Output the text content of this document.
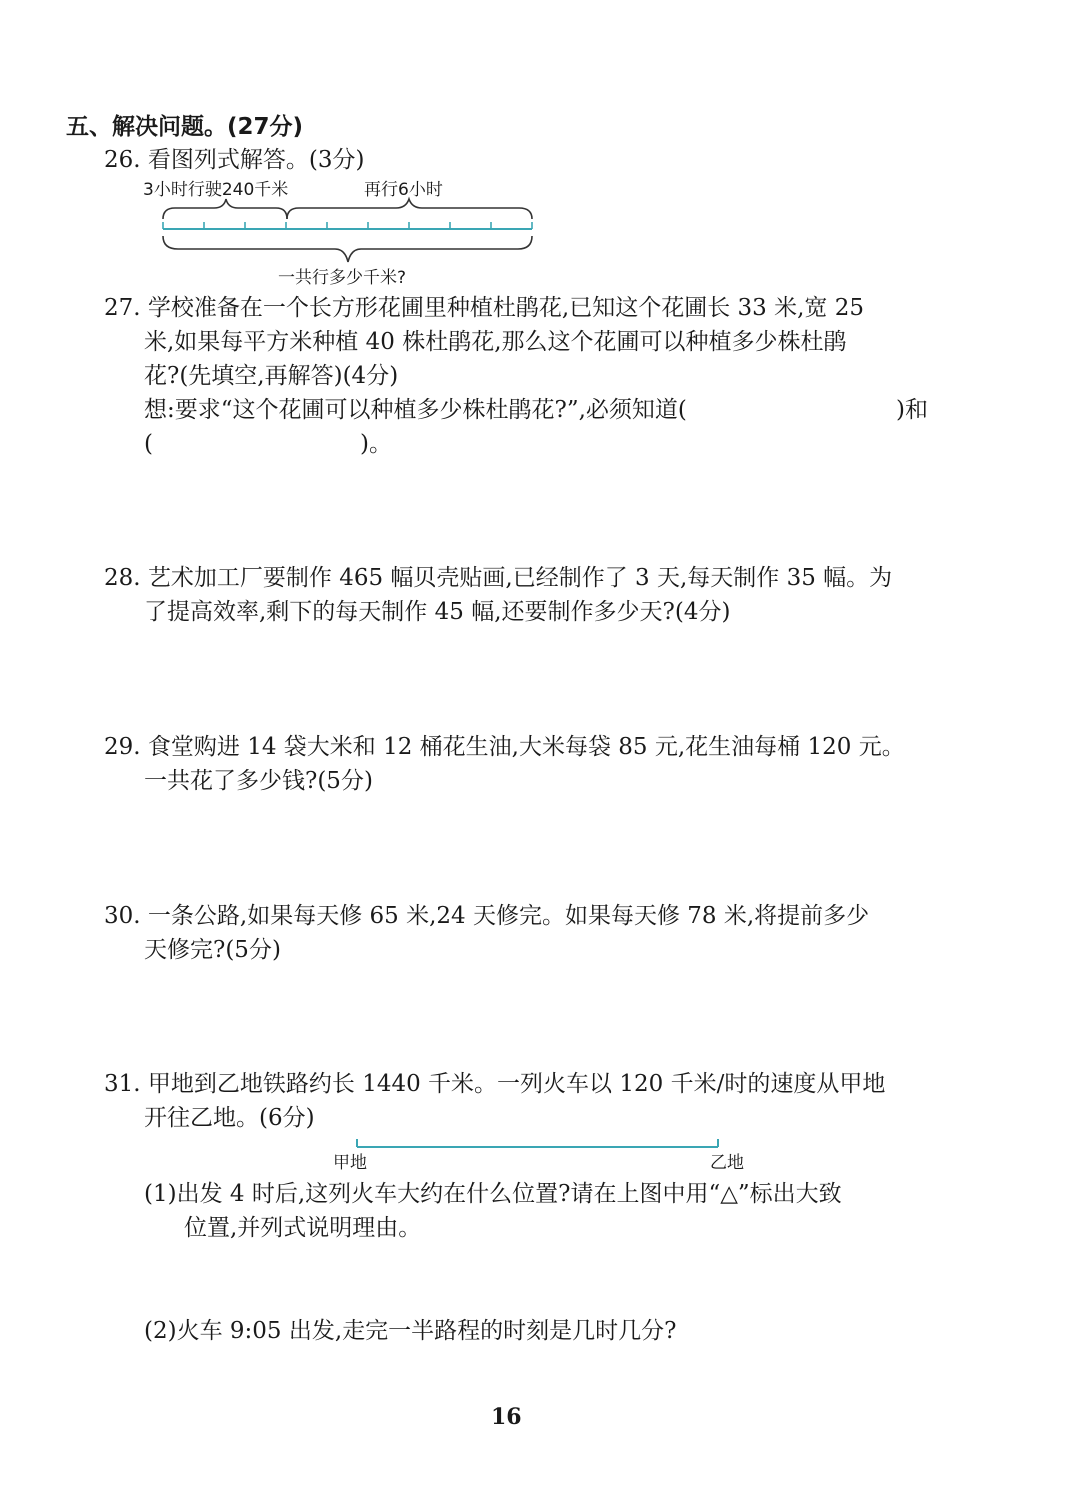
五、解决问题。(27分)
26. 看图列式解答。(3分)
3小时行驶240千米	再行6小时
一共行多少千米?
27. 学校准备在一个长方形花圃里种植杜鹃花,已知这个花圃长 33 米,宽 25
米,如果每平方米种植 40 株杜鹃花,那么这个花圃可以种植多少株杜鹃
花?(先填空,再解答)(4分)
想:要求“这个花圃可以种植多少株杜鹃花?”,必须知道(	)和
(	)。
28. 艺术加工厂要制作 465 幅贝壳贴画,已经制作了 3 天,每天制作 35 幅。为
了提高效率,剩下的每天制作 45 幅,还要制作多少天?(4分)
29. 食堂购进 14 袋大米和 12 桶花生油,大米每袋 85 元,花生油每桶 120 元。
一共花了多少钱?(5分)
30. 一条公路,如果每天修 65 米,24 天修完。如果每天修 78 米,将提前多少
天修完?(5分)
31. 甲地到乙地铁路约长 1440 千米。一列火车以 120 千米/时的速度从甲地
开往乙地。(6分)
甲地	乙地
(1)出发 4 时后,这列火车大约在什么位置?请在上图中用“△”标出大致
位置,并列式说明理由。
(2)火车 9:05 出发,走完一半路程的时刻是几时几分?
16
